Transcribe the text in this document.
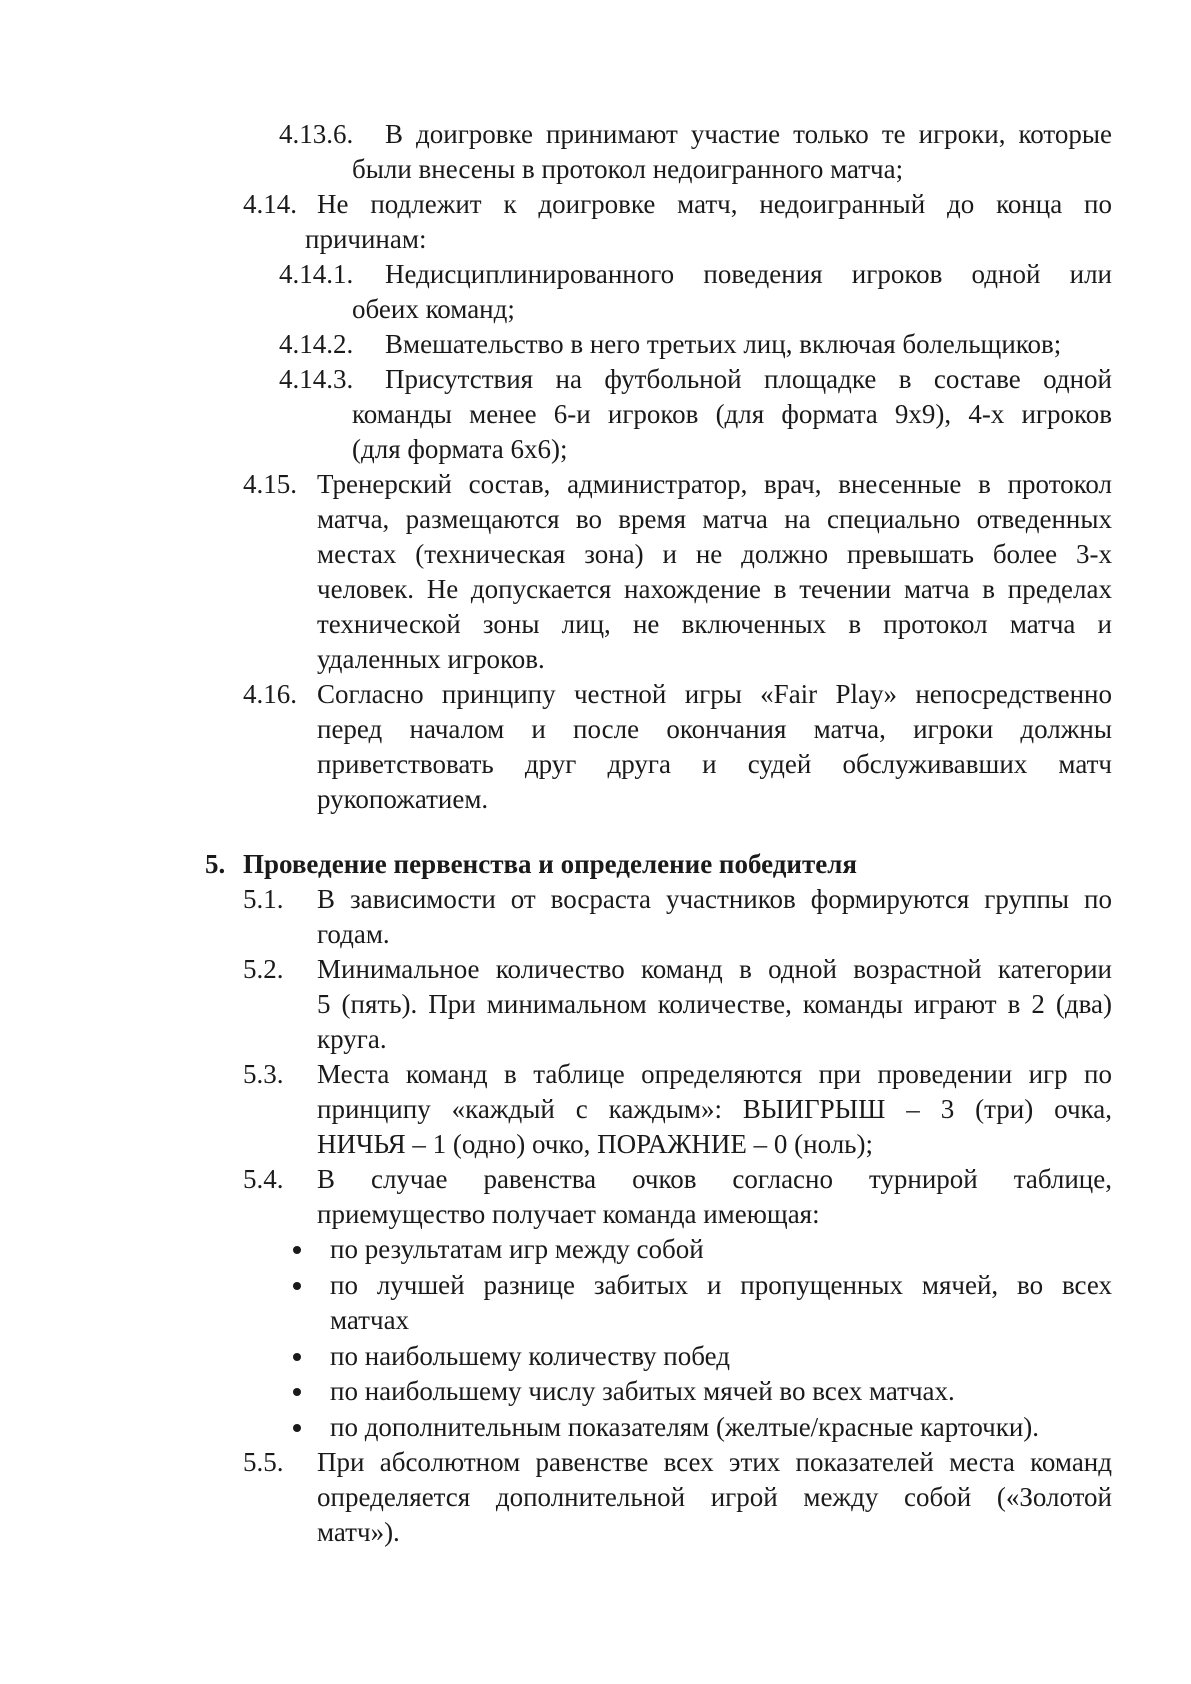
4.13.6. В доигровке принимают участие только те игроки, которые
были внесены в протокол недоигранного матча;
4.14. Не подлежит к доигровке матч, недоигранный до конца по
причинам:
4.14.1. Недисциплинированного поведения игроков одной или
обеих команд;
4.14.2. Вмешательство в него третьих лиц, включая болельщиков;
4.14.3. Присутствия на футбольной площадке в составе одной
команды менее 6-и игроков (для формата 9х9), 4-х игроков
(для формата 6х6);
4.15. Тренерский состав, администратор, врач, внесенные в протокол
матча, размещаются во время матча на специально отведенных
местах (техническая зона) и не должно превышать более 3-х
человек. Не допускается нахождение в течении матча в пределах
технической зоны лиц, не включенных в протокол матча и
удаленных игроков.
4.16. Согласно принципу честной игры «Fair Play» непосредственно
перед началом и после окончания матча, игроки должны
приветствовать друг друга и судей обслуживавших матч
рукопожатием.
5. Проведение первенства и определение победителя
5.1. В зависимости от восраста участников формируются группы по
годам.
5.2. Минимальное количество команд в одной возрастной категории
5 (пять). При минимальном количестве, команды играют в 2 (два)
круга.
5.3. Места команд в таблице определяются при проведении игр по
принципу «каждый с каждым»: ВЫИГРЫШ – 3 (три) очка,
НИЧЬЯ – 1 (одно) очко, ПОРАЖНИЕ – 0 (ноль);
5.4. В случае равенства очков согласно турнирой таблице,
приемущество получает команда имеющая:
по результатам игр между собой
по лучшей разнице забитых и пропущенных мячей, во всех
матчах
по наибольшему количеству побед
по наибольшему числу забитых мячей во всех матчах.
по дополнительным показателям (желтые/красные карточки).
5.5. При абсолютном равенстве всех этих показателей места команд
определяется дополнительной игрой между собой («Золотой
матч»).
